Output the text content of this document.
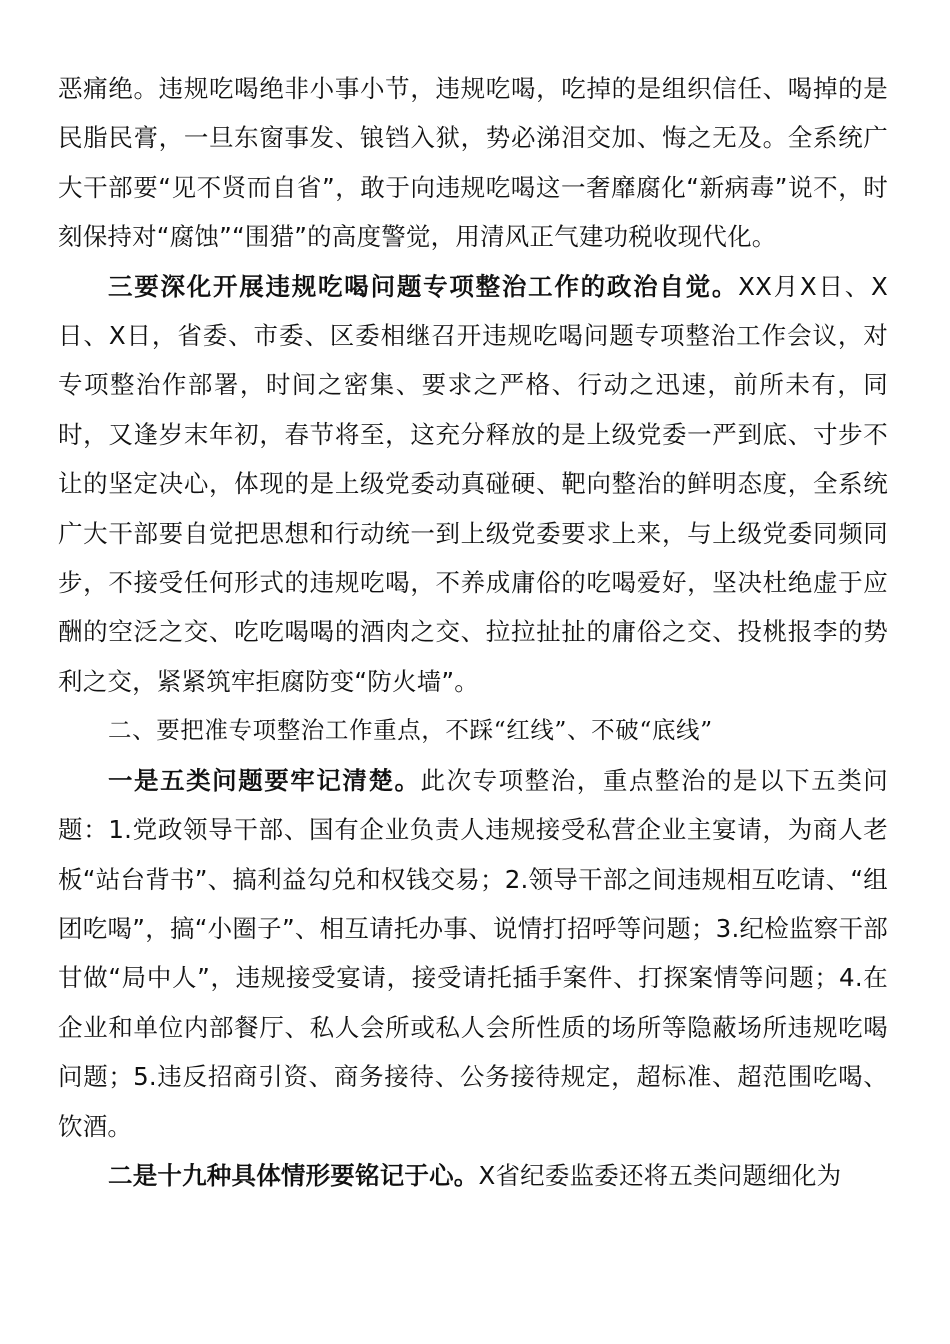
恶痛绝。违规吃喝绝非小事小节，违规吃喝，吃掉的是组织信任、喝掉的是民脂民膏，一旦东窗事发、锒铛入狱，势必涕泪交加、悔之无及。全系统广大干部要“见不贤而自省”，敢于向违规吃喝这一奢靡腐化“新病毒”说不，时刻保持对“腐蚀”“围猎”的高度警觉，用清风正气建功税收现代化。

三要深化开展违规吃喝问题专项整治工作的政治自觉。XX月X日、X日、X日，省委、市委、区委相继召开违规吃喝问题专项整治工作会议，对专项整治作部署，时间之密集、要求之严格、行动之迅速，前所未有，同时，又逢岁末年初，春节将至，这充分释放的是上级党委一严到底、寸步不让的坚定决心，体现的是上级党委动真碰硬、靶向整治的鲜明态度，全系统广大干部要自觉把思想和行动统一到上级党委要求上来，与上级党委同频同步，不接受任何形式的违规吃喝，不养成庸俗的吃喝爱好，坚决杜绝虚于应酬的空泛之交、吃吃喝喝的酒肉之交、拉拉扯扯的庸俗之交、投桃报李的势利之交，紧紧筑牢拒腐防变“防火墙”。

二、要把准专项整治工作重点，不踩“红线”、不破“底线”

一是五类问题要牢记清楚。此次专项整治，重点整治的是以下五类问题：1.党政领导干部、国有企业负责人违规接受私营企业主宴请，为商人老板“站台背书”、搞利益勾兑和权钱交易；2.领导干部之间违规相互吃请、“组团吃喝”，搞“小圈子”、相互请托办事、说情打招呼等问题；3.纪检监察干部甘做“局中人”，违规接受宴请，接受请托插手案件、打探案情等问题；4.在企业和单位内部餐厅、私人会所或私人会所性质的场所等隐蔽场所违规吃喝问题；5.违反招商引资、商务接待、公务接待规定，超标准、超范围吃喝、饮酒。

二是十九种具体情形要铭记于心。X省纪委监委还将五类问题细化为
